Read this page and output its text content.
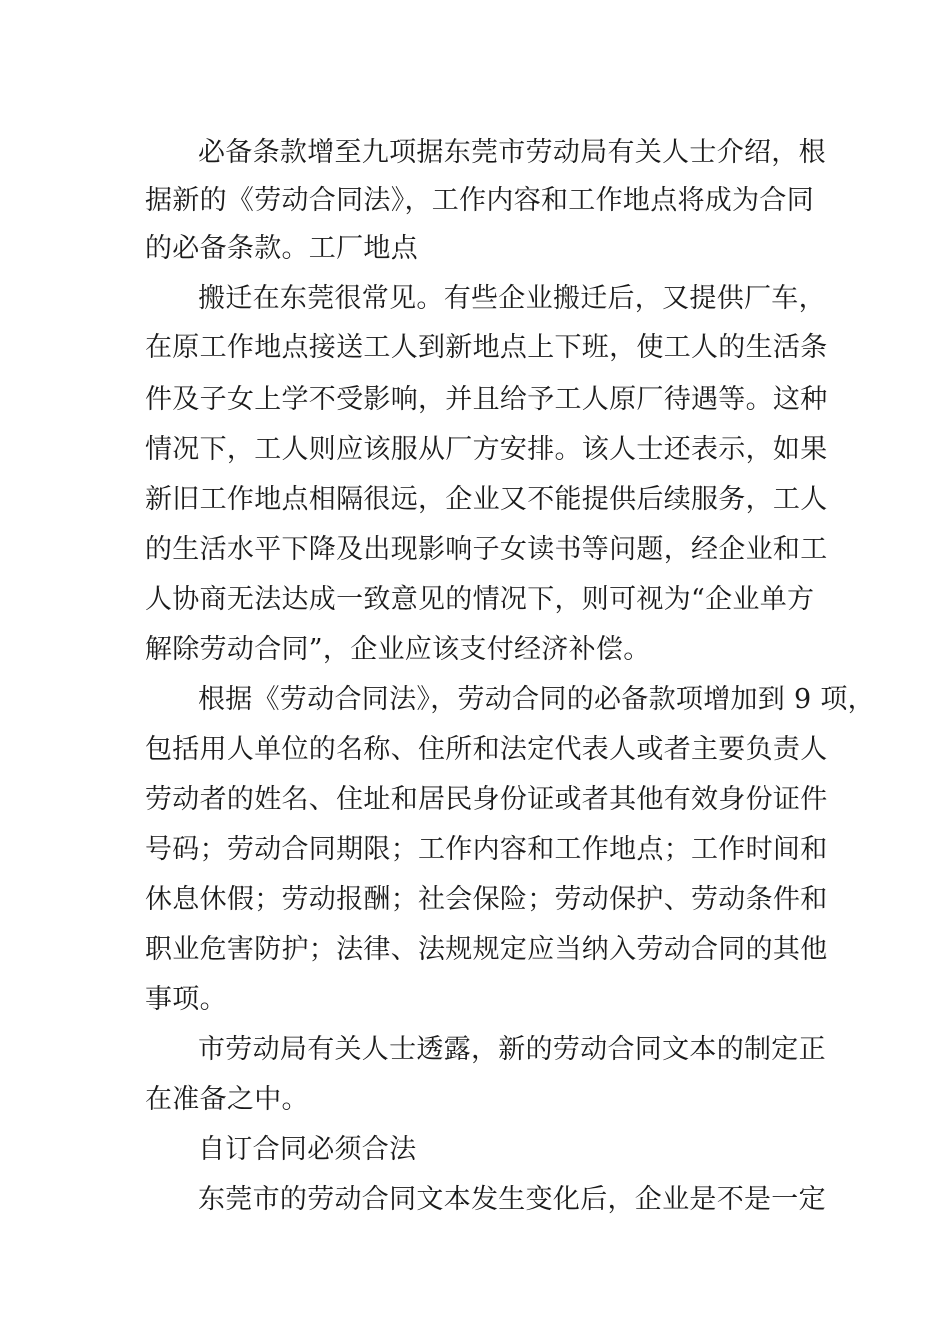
必备条款增至九项据东莞市劳动局有关人士介绍，根
据新的《劳动合同法》，工作内容和工作地点将成为合同
的必备条款。工厂地点
搬迁在东莞很常见。有些企业搬迁后，又提供厂车，
在原工作地点接送工人到新地点上下班，使工人的生活条
件及子女上学不受影响，并且给予工人原厂待遇等。这种
情况下，工人则应该服从厂方安排。该人士还表示，如果
新旧工作地点相隔很远，企业又不能提供后续服务，工人
的生活水平下降及出现影响子女读书等问题，经企业和工
人协商无法达成一致意见的情况下，则可视为“企业单方
解除劳动合同”，企业应该支付经济补偿。
根据《劳动合同法》，劳动合同的必备款项增加到 9 项，
包括用人单位的名称、住所和法定代表人或者主要负责人
劳动者的姓名、住址和居民身份证或者其他有效身份证件
号码；劳动合同期限；工作内容和工作地点；工作时间和
休息休假；劳动报酬；社会保险；劳动保护、劳动条件和
职业危害防护；法律、法规规定应当纳入劳动合同的其他
事项。
市劳动局有关人士透露，新的劳动合同文本的制定正
在准备之中。
自订合同必须合法
东莞市的劳动合同文本发生变化后，企业是不是一定
